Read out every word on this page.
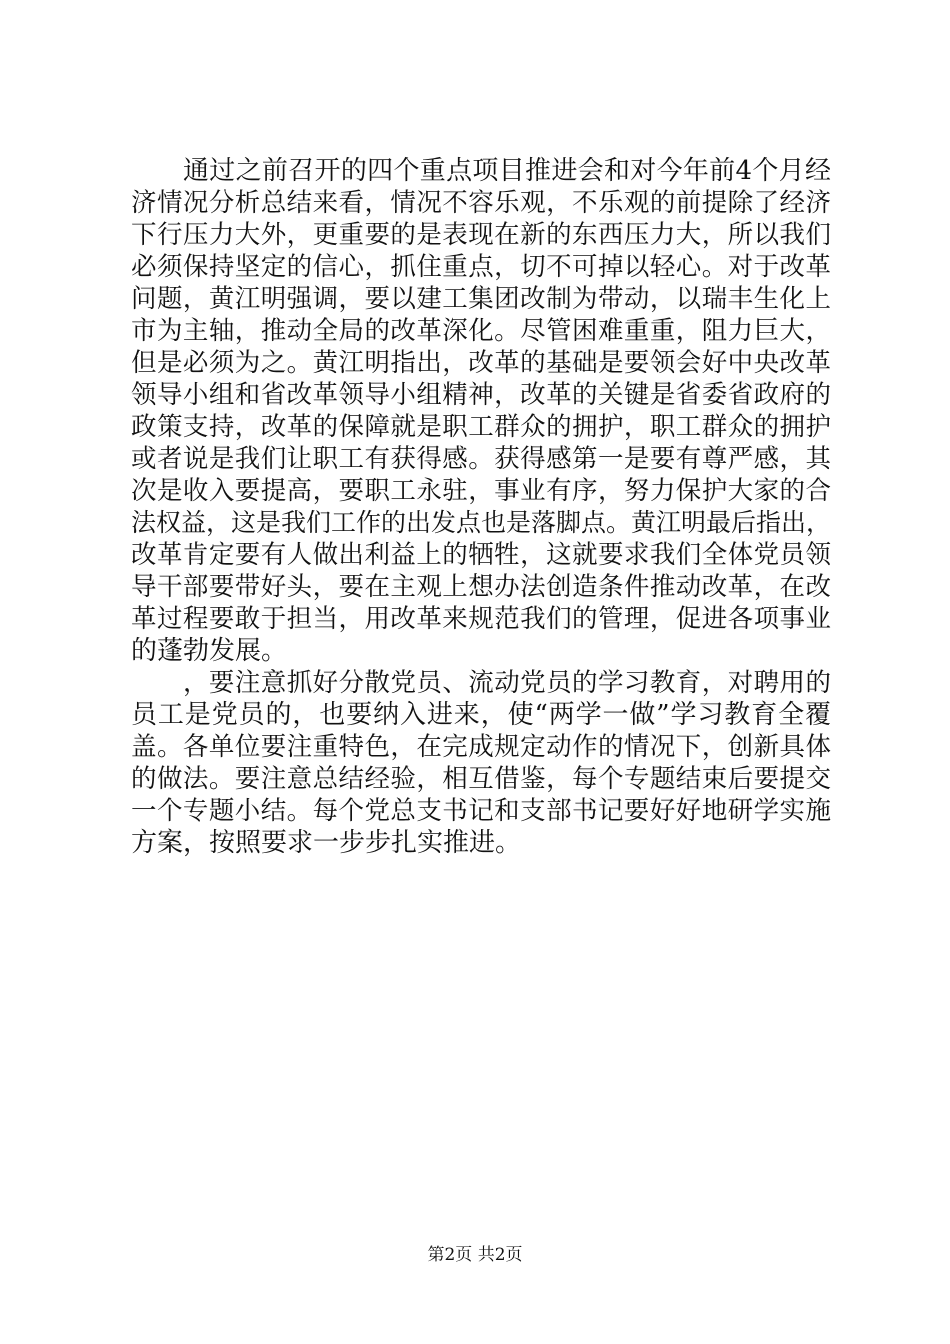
通过之前召开的四个重点项目推进会和对今年前4个月经
济情况分析总结来看，情况不容乐观，不乐观的前提除了经济
下行压力大外，更重要的是表现在新的东西压力大，所以我们
必须保持坚定的信心，抓住重点，切不可掉以轻心。对于改革
问题，黄江明强调，要以建工集团改制为带动，以瑞丰生化上
市为主轴，推动全局的改革深化。尽管困难重重，阻力巨大，
但是必须为之。黄江明指出，改革的基础是要领会好中央改革
领导小组和省改革领导小组精神，改革的关键是省委省政府的
政策支持，改革的保障就是职工群众的拥护，职工群众的拥护
或者说是我们让职工有获得感。获得感第一是要有尊严感，其
次是收入要提高，要职工永驻，事业有序，努力保护大家的合
法权益，这是我们工作的出发点也是落脚点。黄江明最后指出，
改革肯定要有人做出利益上的牺牲，这就要求我们全体党员领
导干部要带好头，要在主观上想办法创造条件推动改革，在改
革过程要敢于担当，用改革来规范我们的管理，促进各项事业
的蓬勃发展。
，要注意抓好分散党员、流动党员的学习教育，对聘用的
员工是党员的，也要纳入进来，使“两学一做”学习教育全覆
盖。各单位要注重特色，在完成规定动作的情况下，创新具体
的做法。要注意总结经验，相互借鉴，每个专题结束后要提交
一个专题小结。每个党总支书记和支部书记要好好地研学实施
方案，按照要求一步步扎实推进。
第2页 共2页
